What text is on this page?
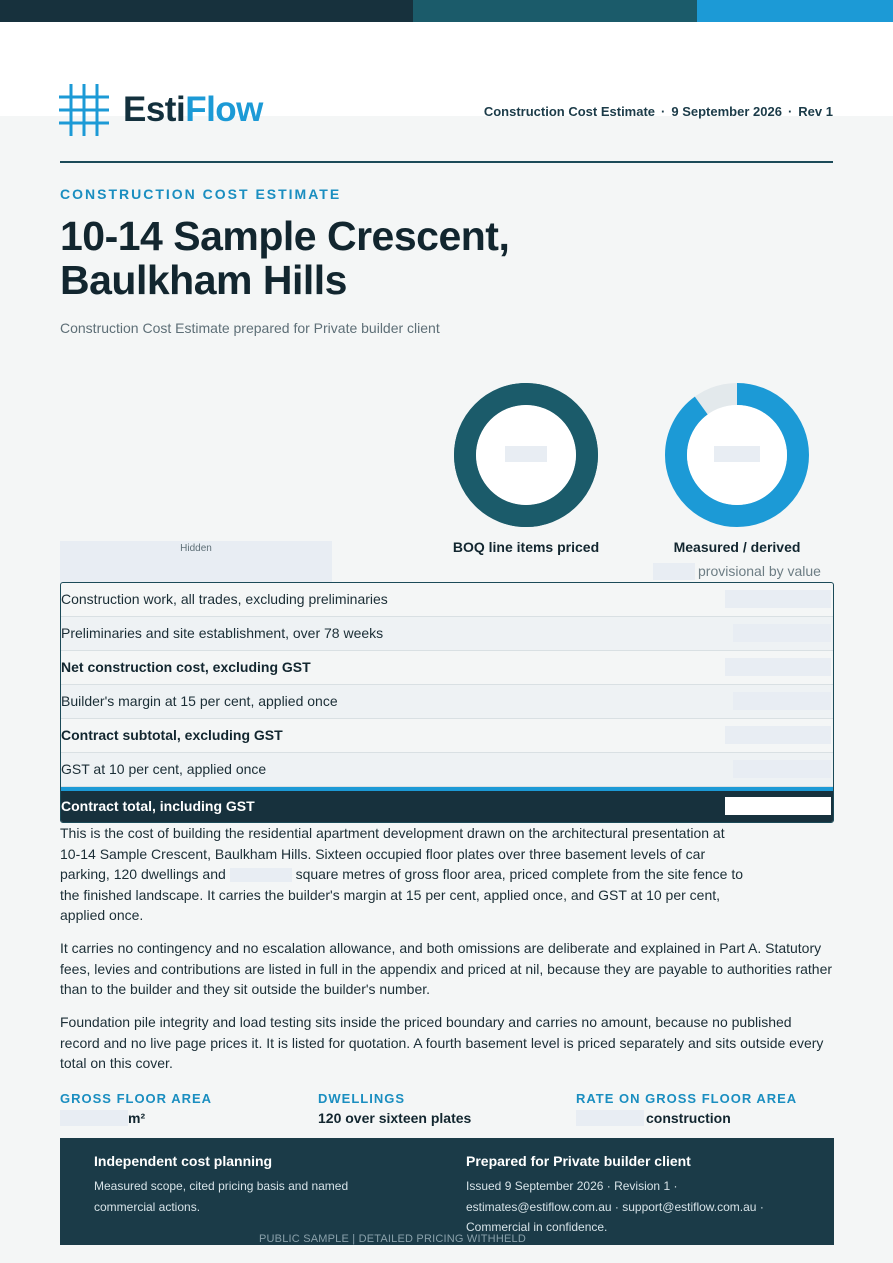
EstiFlow	Construction Cost Estimate · 9 September 2026 · Rev 1
CONSTRUCTION COST ESTIMATE
10-14 Sample Crescent, Baulkham Hills
Construction Cost Estimate prepared for Private builder client
BOQ line items priced	Measured / derived
Hidden
provisional by value
Construction work, all trades, excluding preliminaries
Preliminaries and site establishment, over 78 weeks
Net construction cost, excluding GST
Builder's margin at 15 per cent, applied once
Contract subtotal, excluding GST
GST at 10 per cent, applied once
Contract total, including GST
This is the cost of building the residential apartment development drawn on the architectural presentation at
10-14 Sample Crescent, Baulkham Hills. Sixteen occupied floor plates over three basement levels of car
parking, 120 dwellings and	square metres of gross floor area, priced complete from the site fence to
the finished landscape. It carries the builder's margin at 15 per cent, applied once, and GST at 10 per cent,
applied once.
It carries no contingency and no escalation allowance, and both omissions are deliberate and explained in Part A. Statutory
fees, levies and contributions are listed in full in the appendix and priced at nil, because they are payable to authorities rather
than to the builder and they sit outside the builder's number.
Foundation pile integrity and load testing sits inside the priced boundary and carries no amount, because no published
record and no live page prices it. It is listed for quotation. A fourth basement level is priced separately and sits outside every
total on this cover.
GROSS FLOOR AREA
m²
DWELLINGS
120 over sixteen plates
RATE ON GROSS FLOOR AREA
construction
Independent cost planning
Measured scope, cited pricing basis and named
commercial actions.
Prepared for Private builder client
Issued 9 September 2026 · Revision 1 ·
estimates@estiflow.com.au · support@estiflow.com.au ·
Commercial in confidence.
PUBLIC SAMPLE | DETAILED PRICING WITHHELD
